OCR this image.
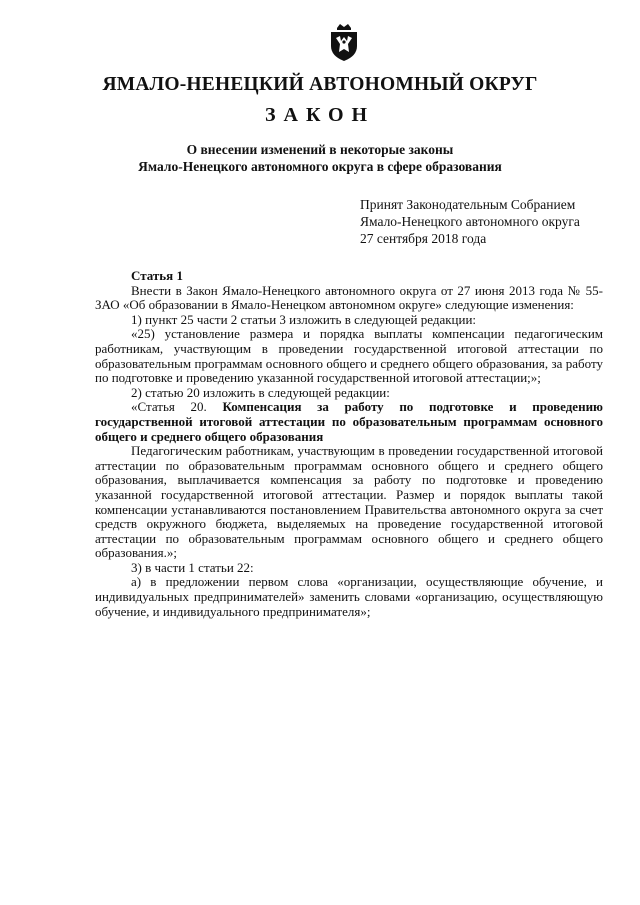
ЯМАЛО-НЕНЕЦКИЙ АВТОНОМНЫЙ ОКРУГ
ЗАКОН
О внесении изменений в некоторые законы
Ямало-Ненецкого автономного округа в сфере образования
Принят Законодательным Собранием
Ямало-Ненецкого автономного округа
27 сентября 2018 года

Статья 1

Внести в Закон Ямало-Ненецкого автономного округа от 27 июня 2013 года № 55-ЗАО «Об образовании в Ямало-Ненецком автономном округе» следующие изменения:

1) пункт 25 части 2 статьи 3 изложить в следующей редакции:

«25) установление размера и порядка выплаты компенсации педагогическим работникам, участвующим в проведении государственной итоговой аттестации по образовательным программам основного общего и среднего общего образования, за работу по подготовке и проведению указанной государственной итоговой аттестации;»;

2) статью 20 изложить в следующей редакции:

«Статья 20. Компенсация за работу по подготовке и проведению государственной итоговой аттестации по образовательным программам основного общего и среднего общего образования

Педагогическим работникам, участвующим в проведении государственной итоговой аттестации по образовательным программам основного общего и среднего общего образования, выплачивается компенсация за работу по подготовке и проведению указанной государственной итоговой аттестации. Размер и порядок выплаты такой компенсации устанавливаются постановлением Правительства автономного округа за счет средств окружного бюджета, выделяемых на проведение государственной итоговой аттестации по образовательным программам основного общего и среднего общего образования.»;

3) в части 1 статьи 22:

а) в предложении первом слова «организации, осуществляющие обучение, и индивидуальных предпринимателей» заменить словами «организацию, осуществляющую обучение, и индивидуального предпринимателя»;
